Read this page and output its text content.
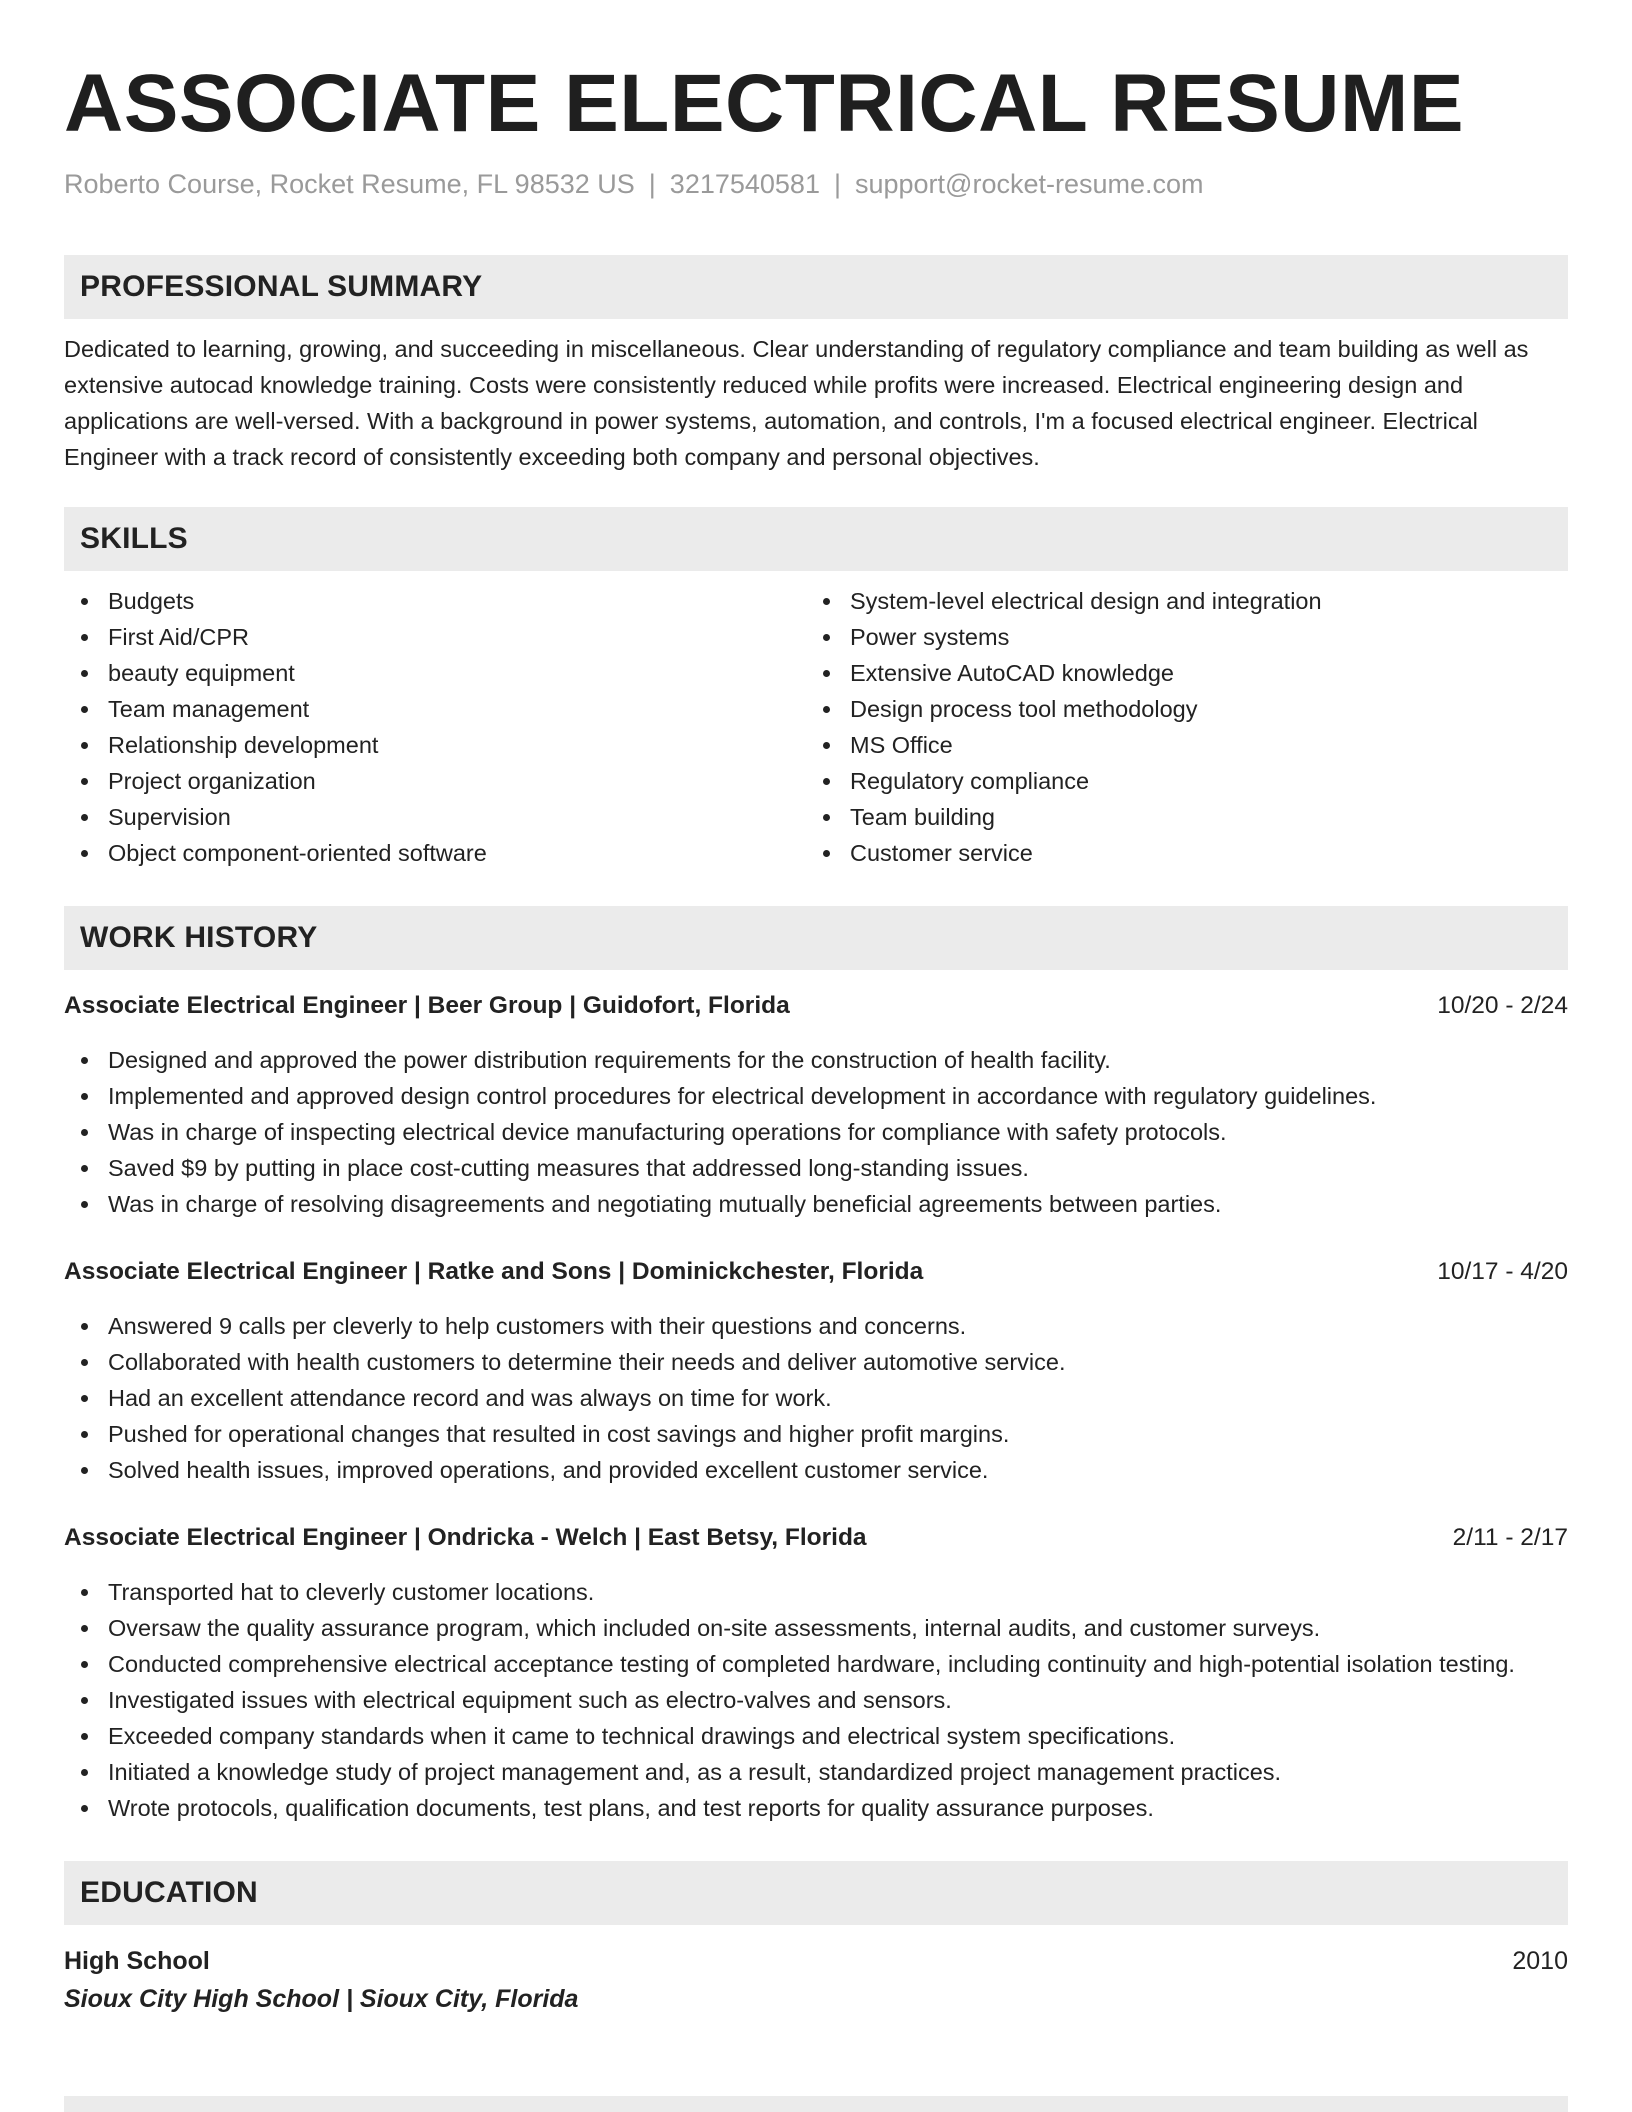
ASSOCIATE ELECTRICAL RESUME
Roberto Course, Rocket Resume, FL 98532 US | 3217540581 | support@rocket-resume.com
PROFESSIONAL SUMMARY
Dedicated to learning, growing, and succeeding in miscellaneous. Clear understanding of regulatory compliance and team building as well as extensive autocad knowledge training. Costs were consistently reduced while profits were increased. Electrical engineering design and applications are well-versed. With a background in power systems, automation, and controls, I'm a focused electrical engineer. Electrical Engineer with a track record of consistently exceeding both company and personal objectives.
SKILLS
Budgets
First Aid/CPR
beauty equipment
Team management
Relationship development
Project organization
Supervision
Object component-oriented software
System-level electrical design and integration
Power systems
Extensive AutoCAD knowledge
Design process tool methodology
MS Office
Regulatory compliance
Team building
Customer service
WORK HISTORY
Associate Electrical Engineer | Beer Group | Guidofort, Florida	10/20 - 2/24
Designed and approved the power distribution requirements for the construction of health facility.
Implemented and approved design control procedures for electrical development in accordance with regulatory guidelines.
Was in charge of inspecting electrical device manufacturing operations for compliance with safety protocols.
Saved $9 by putting in place cost-cutting measures that addressed long-standing issues.
Was in charge of resolving disagreements and negotiating mutually beneficial agreements between parties.
Associate Electrical Engineer | Ratke and Sons | Dominickchester, Florida	10/17 - 4/20
Answered 9 calls per cleverly to help customers with their questions and concerns.
Collaborated with health customers to determine their needs and deliver automotive service.
Had an excellent attendance record and was always on time for work.
Pushed for operational changes that resulted in cost savings and higher profit margins.
Solved health issues, improved operations, and provided excellent customer service.
Associate Electrical Engineer | Ondricka - Welch | East Betsy, Florida	2/11 - 2/17
Transported hat to cleverly customer locations.
Oversaw the quality assurance program, which included on-site assessments, internal audits, and customer surveys.
Conducted comprehensive electrical acceptance testing of completed hardware, including continuity and high-potential isolation testing.
Investigated issues with electrical equipment such as electro-valves and sensors.
Exceeded company standards when it came to technical drawings and electrical system specifications.
Initiated a knowledge study of project management and, as a result, standardized project management practices.
Wrote protocols, qualification documents, test plans, and test reports for quality assurance purposes.
EDUCATION
High School	2010
Sioux City High School | Sioux City, Florida
